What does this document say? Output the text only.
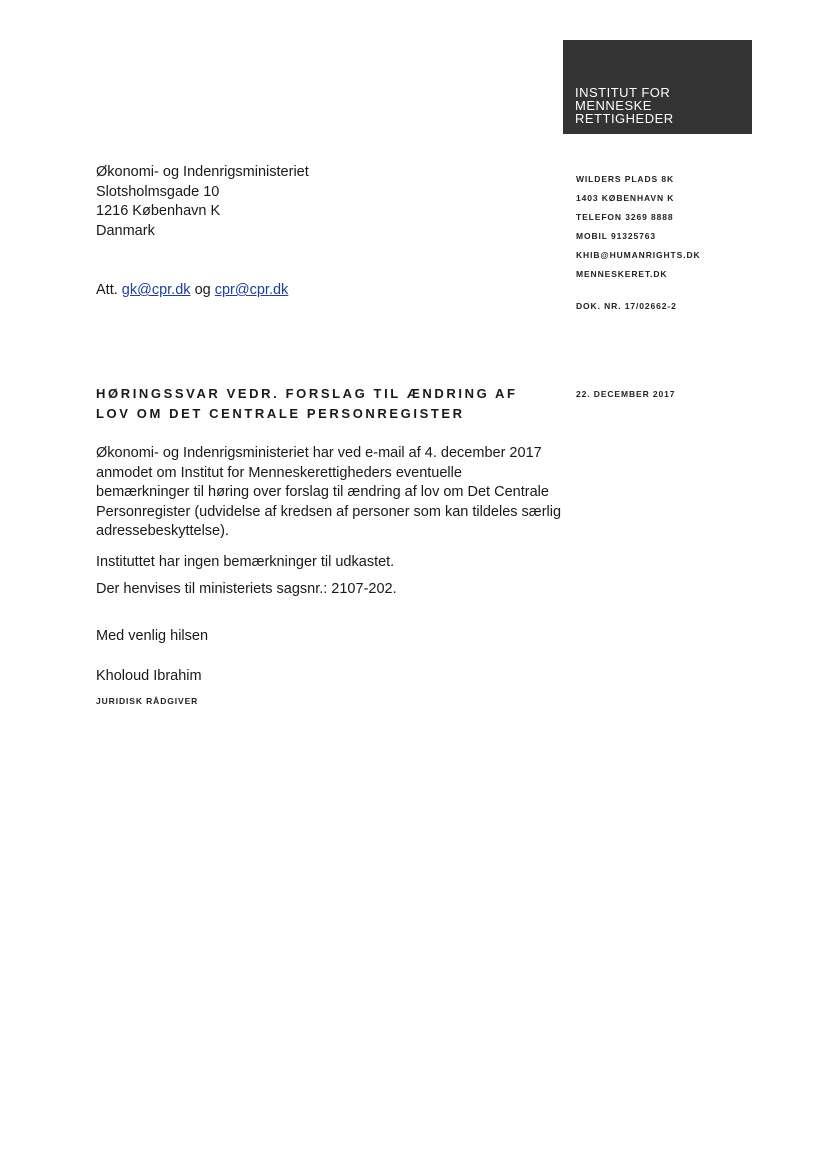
INSTITUT FOR
MENNESKE
RETTIGHEDER
Økonomi- og Indenrigsministeriet
Slotsholmsgade 10
1216 København K
Danmark
Att. gk@cpr.dk og cpr@cpr.dk
WILDERS PLADS 8K
1403 KØBENHAVN K
TELEFON 3269 8888
MOBIL 91325763
KHIB@HUMANRIGHTS.DK
MENNESKERET.DK
DOK. NR. 17/02662-2
HØRINGSSVAR VEDR. FORSLAG TIL ÆNDRING AF
LOV OM DET CENTRALE PERSONREGISTER
22. DECEMBER 2017
Økonomi- og Indenrigsministeriet har ved e-mail af 4. december 2017
anmodet om Institut for Menneskerettigheders eventuelle
bemærkninger til høring over forslag til ændring af lov om Det Centrale
Personregister (udvidelse af kredsen af personer som kan tildeles særlig
adressebeskyttelse).
Instituttet har ingen bemærkninger til udkastet.
Der henvises til ministeriets sagsnr.: 2107-202.
Med venlig hilsen
Kholoud Ibrahim
JURIDISK RÅDGIVER
